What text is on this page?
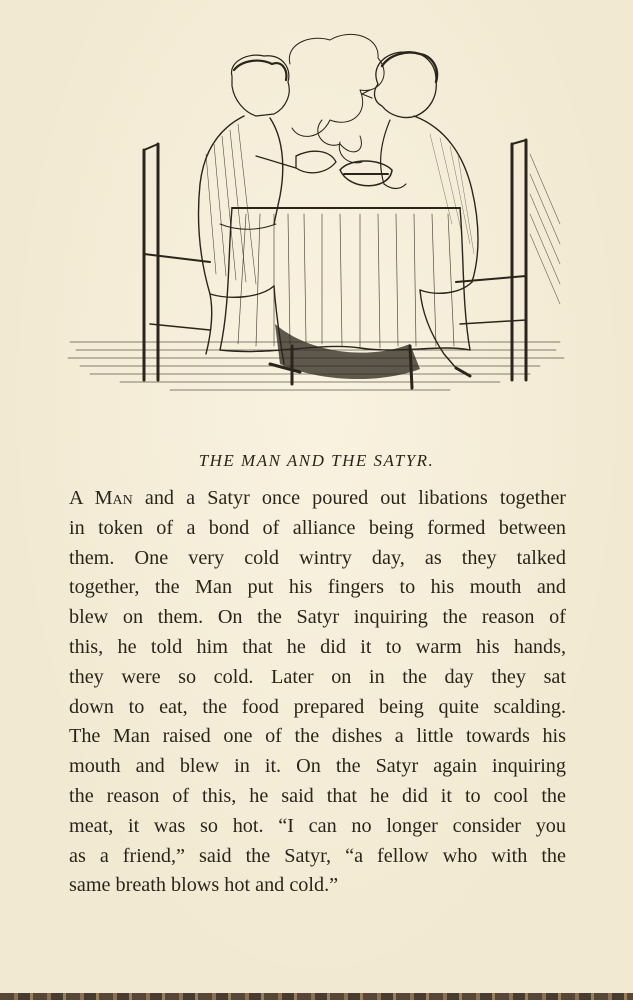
THE MAN AND THE SATYR.
A Man and a Satyr once poured out libations together
in token of a bond of alliance being formed between
them. One very cold wintry day, as they talked
together, the Man put his fingers to his mouth and
blew on them. On the Satyr inquiring the reason of
this, he told him that he did it to warm his hands,
they were so cold. Later on in the day they sat
down to eat, the food prepared being quite scalding.
The Man raised one of the dishes a little towards his
mouth and blew in it. On the Satyr again inquiring
the reason of this, he said that he did it to cool the
meat, it was so hot. “I can no longer consider you
as a friend,” said the Satyr, “a fellow who with the
same breath blows hot and cold.”
